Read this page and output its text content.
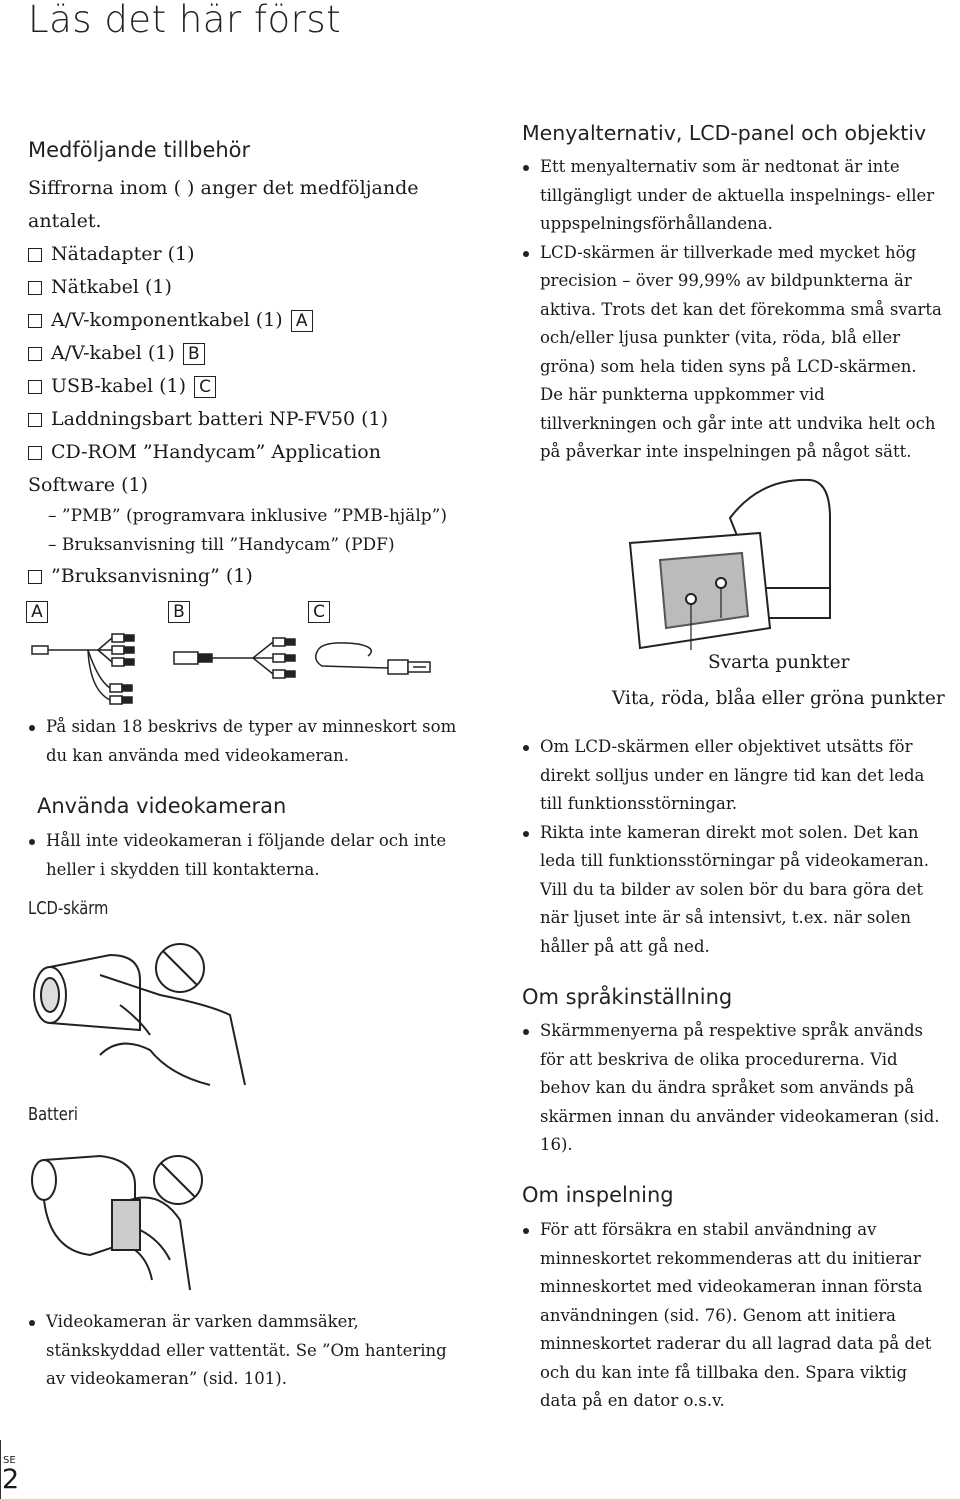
Läs det här först
Medföljande tillbehör
Siffrorna inom ( ) anger det medföljande antalet.
Nätadapter (1)
Nätkabel (1)
A/V-komponentkabel (1) A
A/V-kabel (1) B
USB-kabel (1) C
Laddningsbart batteri NP-FV50 (1)
CD-ROM ”Handycam” Application
Software (1)
– ”PMB” (programvara inklusive ”PMB-hjälp”)
– Bruksanvisning till ”Handycam” (PDF)
”Bruksanvisning” (1)
A	B	C
På sidan 18 beskrivs de typer av minneskort som du kan använda med videokameran.
Använda videokameran
Håll inte videokameran i följande delar och inte heller i skydden till kontakterna.
LCD-skärm
Batteri
Videokameran är varken dammsäker, stänkskyddad eller vattentät. Se ”Om hantering av videokameran” (sid. 101).
Menyalternativ, LCD-panel och objektiv
Ett menyalternativ som är nedtonat är inte tillgängligt under de aktuella inspelnings- eller uppspelningsförhållandena.
LCD-skärmen är tillverkade med mycket hög precision – över 99,99% av bildpunkterna är aktiva. Trots det kan det förekomma små svarta och/eller ljusa punkter (vita, röda, blå eller gröna) som hela tiden syns på LCD-skärmen. De här punkterna uppkommer vid tillverkningen och går inte att undvika helt och på påverkar inte inspelningen på något sätt.
Svarta punkter
Vita, röda, blåa eller gröna punkter
Om LCD-skärmen eller objektivet utsätts för direkt solljus under en längre tid kan det leda till funktionsstörningar.
Rikta inte kameran direkt mot solen. Det kan leda till funktionsstörningar på videokameran. Vill du ta bilder av solen bör du bara göra det när ljuset inte är så intensivt, t.ex. när solen håller på att gå ned.
Om språkinställning
Skärmmenyerna på respektive språk används för att beskriva de olika procedurerna. Vid behov kan du ändra språket som används på skärmen innan du använder videokameran (sid. 16).
Om inspelning
För att försäkra en stabil användning av minneskortet rekommenderas att du initierar minneskortet med videokameran innan första användningen (sid. 76). Genom att initiera minneskortet raderar du all lagrad data på det och du kan inte få tillbaka den. Spara viktig data på en dator o.s.v.
SE
2
